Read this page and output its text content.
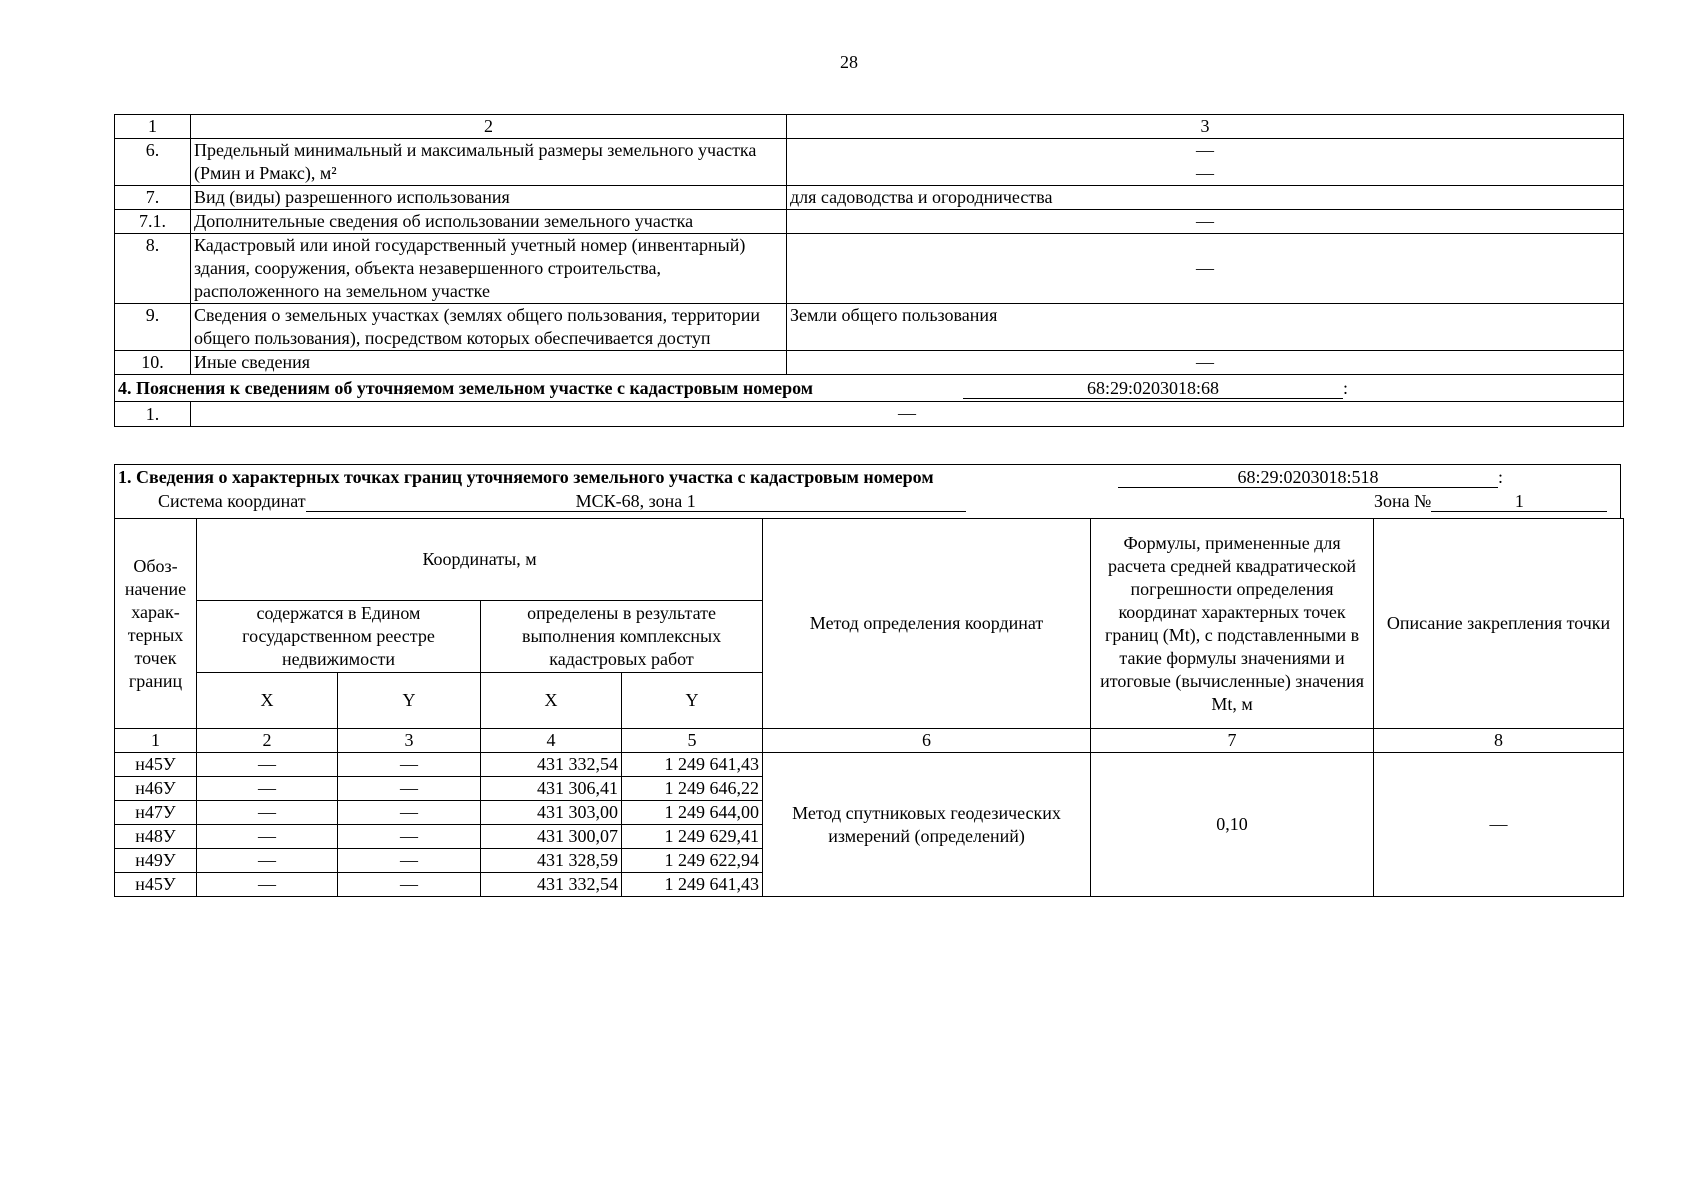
28
1	2	3
6.	Предельный минимальный и максимальный размеры земельного участка (Рмин и Рмакс), м²	—
—

7.	Вид (виды) разрешенного использования	для садоводства и огородничества
7.1.	Дополнительные сведения об использовании земельного участка	—
8.	Кадастровый или иной государственный учетный номер (инвентарный) здания, сооружения, объекта незавершенного строительства, расположенного на земельном участке	—
9.	Сведения о земельных участках (землях общего пользования, территории общего пользования), посредством которых обеспечивается доступ	Земли общего пользования
10.	Иные сведения	—
4. Пояснения к сведениям об уточняемом земельном участке с кадастровым номером 68:29:0203018:68 :		
1.	—	
1. Сведения о характерных точках границ уточняемого земельного участка с кадастровым номером	68:29:0203018:518	:
Система координат	МСК-68, зона 1	Зона №	1
Обоз-начение харак-терных точек границ	Координаты, м				Метод определения координат	Формулы, примененные для расчета средней квадратической погрешности определения координат характерных точек границ (Mt), с подставленными в такие формулы значениями и итоговые (вычисленные) значения Mt, м	Описание закрепления точки
	содержатся в Едином государственном реестре недвижимости		определены в результате выполнения комплексных кадастровых работ				
	X	Y	X	Y			
1	2	3	4	5	6	7	8
н45У	—	—	431 332,54	1 249 641,43	Метод спутниковых геодезических измерений (определений)	0,10	—
н46У	—	—	431 306,41	1 249 646,22			
н47У	—	—	431 303,00	1 249 644,00			
н48У	—	—	431 300,07	1 249 629,41			
н49У	—	—	431 328,59	1 249 622,94			
н45У	—	—	431 332,54	1 249 641,43			
